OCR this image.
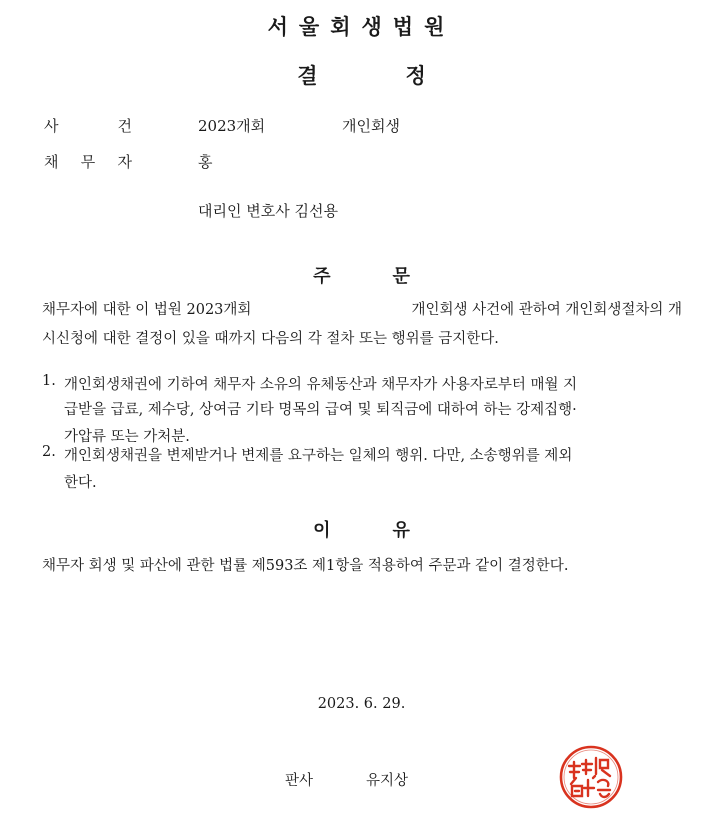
서울회생법원
결	정
사	건	2023개회	개인회생
채 무 자	홍
대리인 변호사 김선용
주	문
채무자에 대한 이 법원 2023개회	개인회생 사건에 관하여 개인회생절차의 개
시신청에 대한 결정이 있을 때까지 다음의 각 절차 또는 행위를 금지한다.
1. 개인회생채권에 기하여 채무자 소유의 유체동산과 채무자가 사용자로부터 매월 지
급받을 급료, 제수당, 상여금 기타 명목의 급여 및 퇴직금에 대하여 하는 강제집행·
가압류 또는 가처분.
2. 개인회생채권을 변제받거나 변제를 요구하는 일체의 행위. 다만, 소송행위를 제외
한다.
이	유
채무자 회생 및 파산에 관한 법률 제593조 제1항을 적용하여 주문과 같이 결정한다.
2023. 6. 29.
판사	유지상
